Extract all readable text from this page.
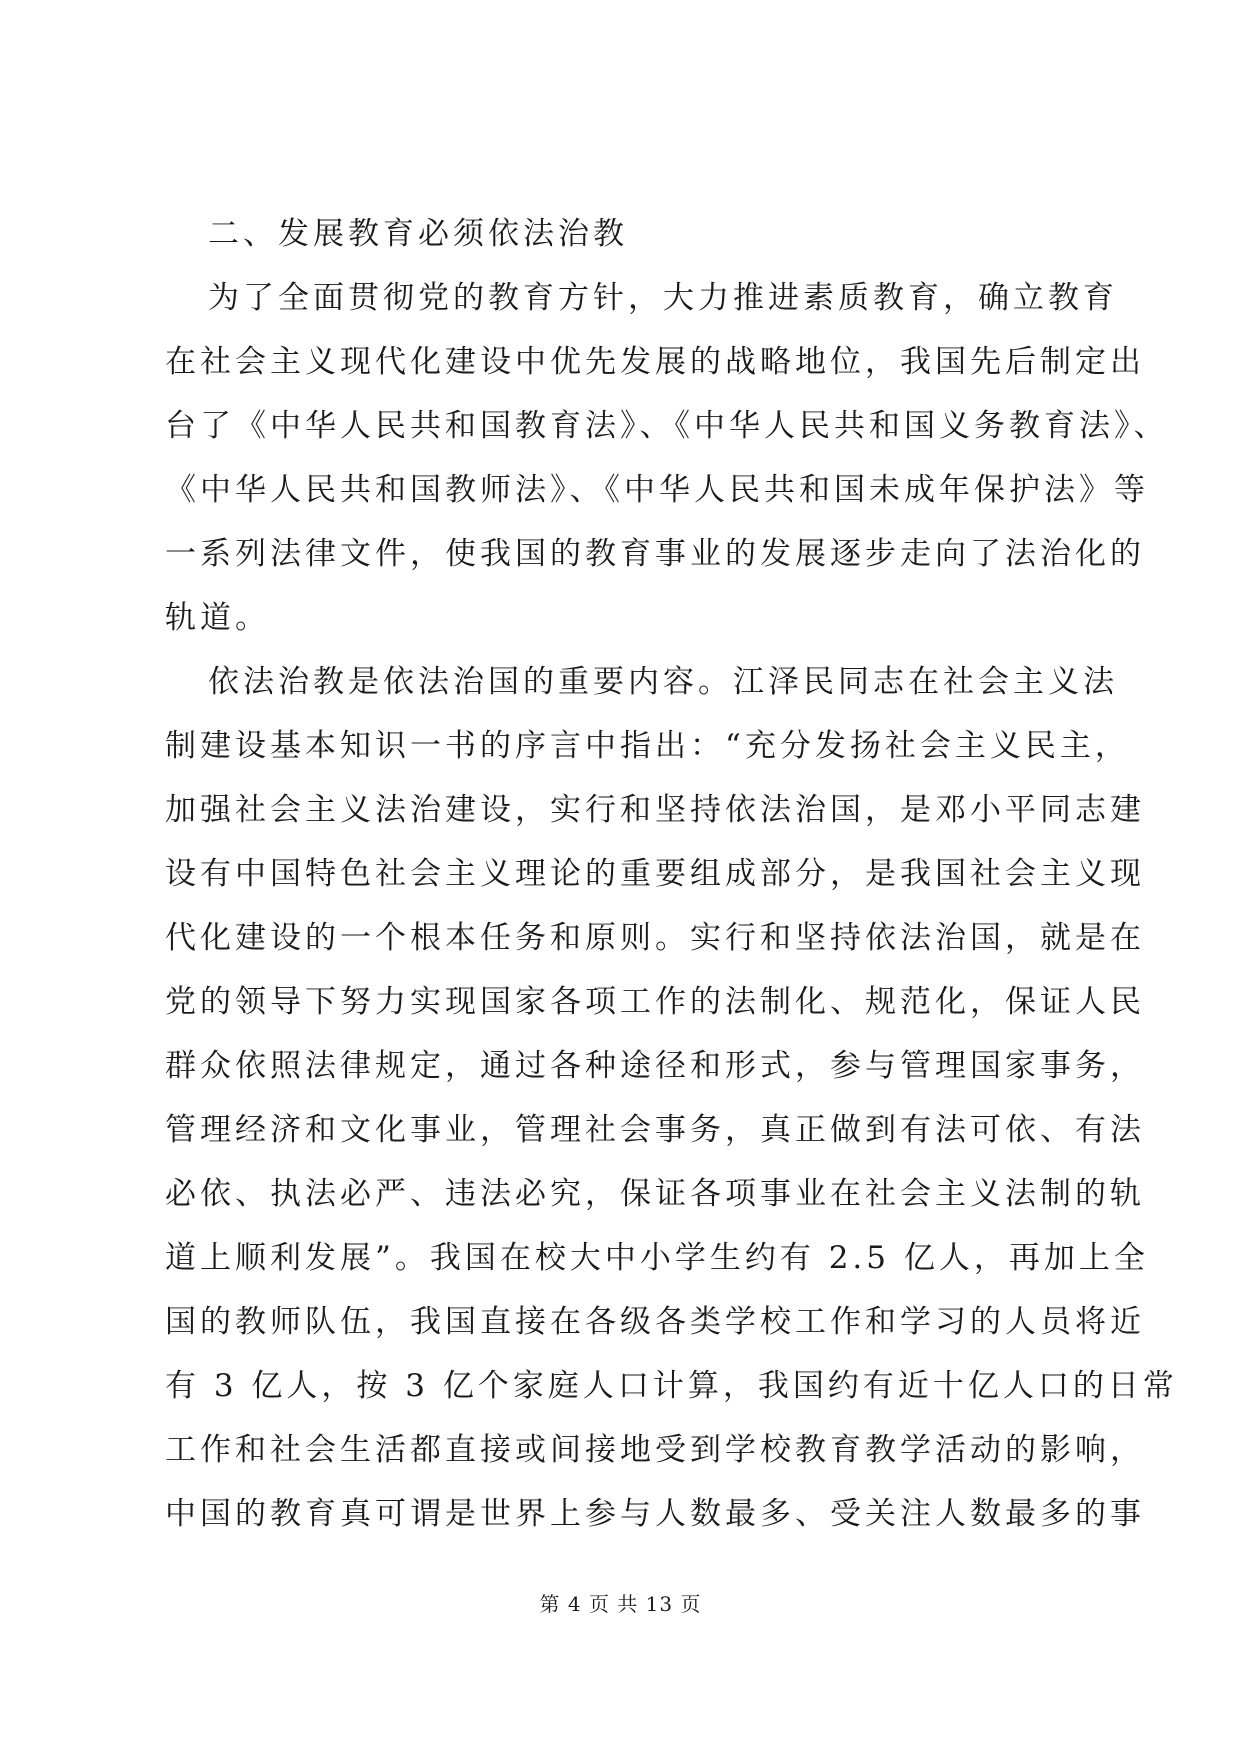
二、发展教育必须依法治教
为了全面贯彻党的教育方针，大力推进素质教育，确立教育
在社会主义现代化建设中优先发展的战略地位，我国先后制定出
台了《中华人民共和国教育法》、《中华人民共和国义务教育法》、
《中华人民共和国教师法》、《中华人民共和国未成年保护法》等
一系列法律文件，使我国的教育事业的发展逐步走向了法治化的
轨道。
依法治教是依法治国的重要内容。江泽民同志在社会主义法
制建设基本知识一书的序言中指出：“充分发扬社会主义民主，
加强社会主义法治建设，实行和坚持依法治国，是邓小平同志建
设有中国特色社会主义理论的重要组成部分，是我国社会主义现
代化建设的一个根本任务和原则。实行和坚持依法治国，就是在
党的领导下努力实现国家各项工作的法制化、规范化，保证人民
群众依照法律规定，通过各种途径和形式，参与管理国家事务，
管理经济和文化事业，管理社会事务，真正做到有法可依、有法
必依、执法必严、违法必究，保证各项事业在社会主义法制的轨
道上顺利发展”。我国在校大中小学生约有 2.5 亿人，再加上全
国的教师队伍，我国直接在各级各类学校工作和学习的人员将近
有 3 亿人，按 3 亿个家庭人口计算，我国约有近十亿人口的日常
工作和社会生活都直接或间接地受到学校教育教学活动的影响，
中国的教育真可谓是世界上参与人数最多、受关注人数最多的事
第 4 页 共 13 页
